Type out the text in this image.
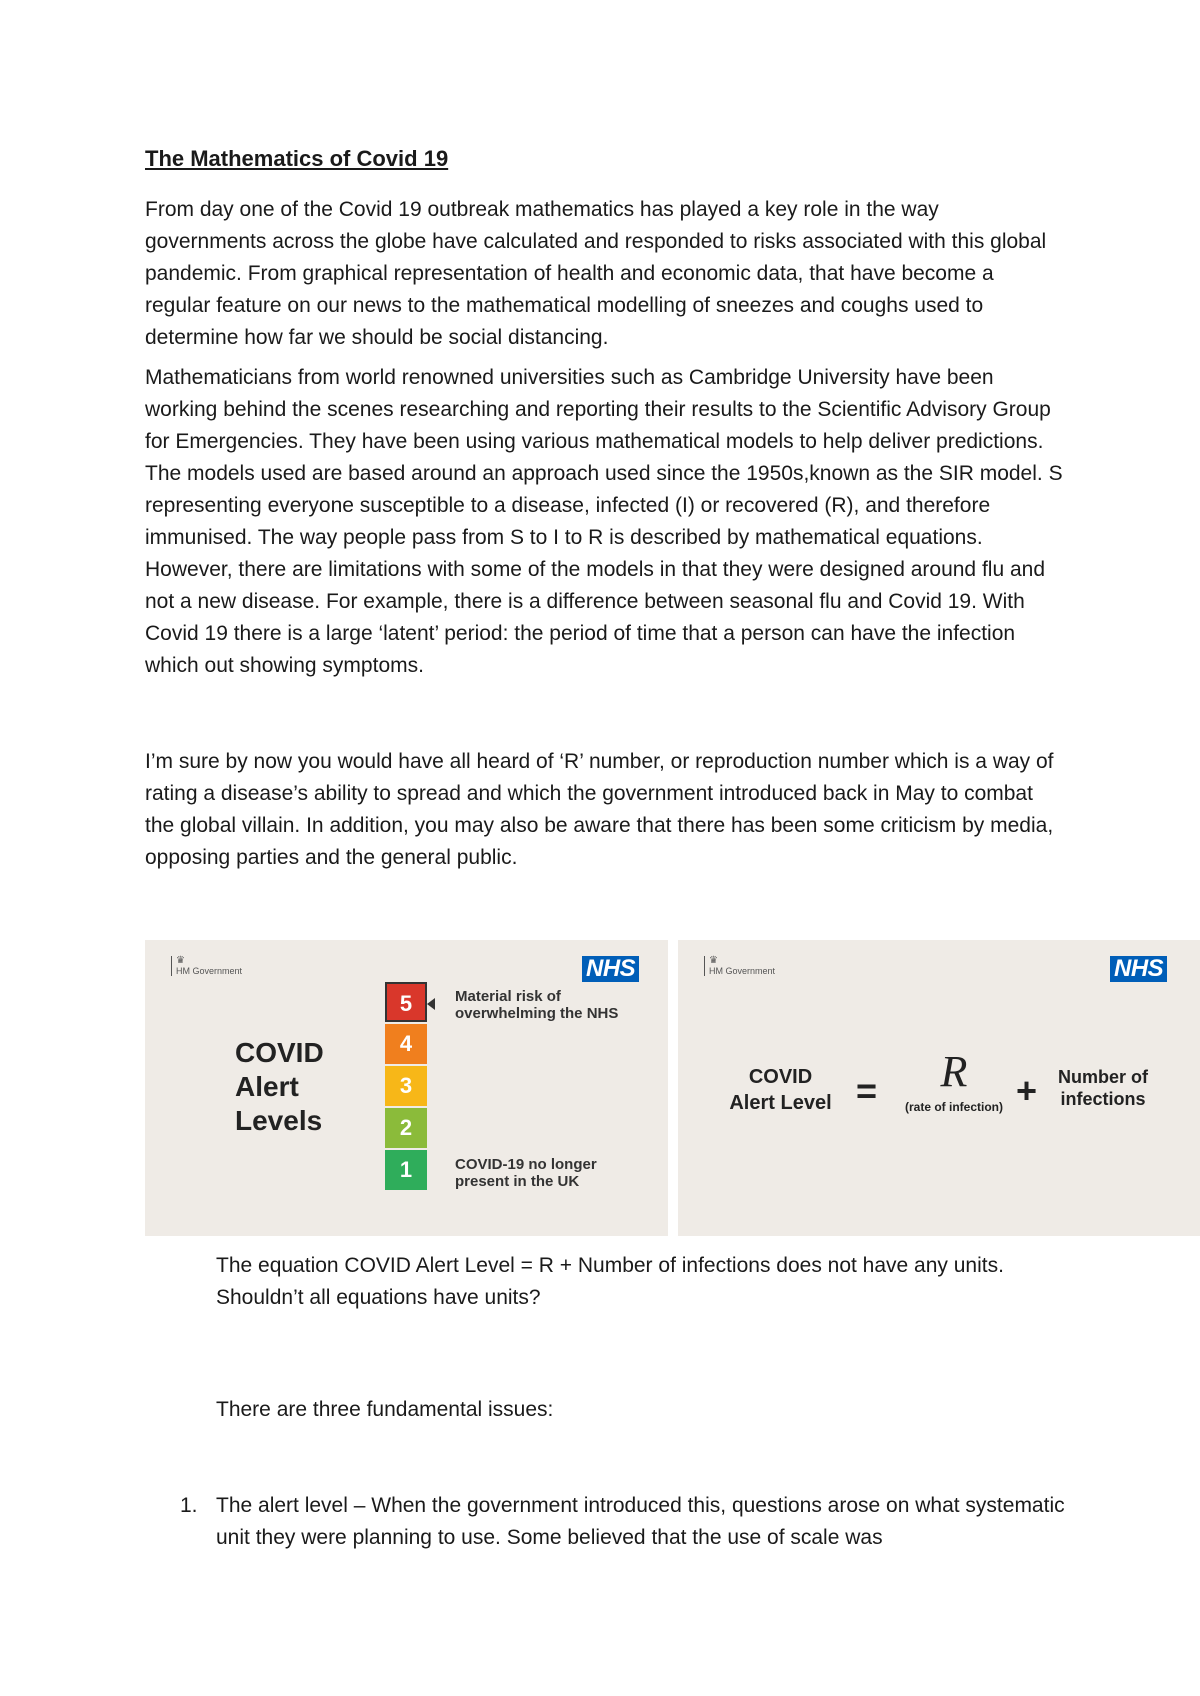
The Mathematics of Covid 19

From day one of the Covid 19 outbreak mathematics has played a key role in the way governments across the globe have calculated and responded to risks associated with this global pandemic. From graphical representation of health and economic data, that have become a regular feature on our news to the mathematical modelling of sneezes and coughs used to determine how far we should be social distancing.

Mathematicians from world renowned universities such as Cambridge University have been working behind the scenes researching and reporting their results to the Scientific Advisory Group for Emergencies. They have been using various mathematical models to help deliver predictions. The models used are based around an approach used since the 1950s,known as the SIR model. S representing everyone susceptible to a disease, infected (I) or recovered (R), and therefore immunised. The way people pass from S to I to R is described by mathematical equations. However, there are limitations with some of the models in that they were designed around flu and not a new disease. For example, there is a difference between seasonal flu and Covid 19. With Covid 19 there is a large ‘latent’ period: the period of time that a person can have the infection which out showing symptoms.

I’m sure by now you would have all heard of ‘R’ number, or reproduction number which is a way of rating a disease’s ability to spread and which the government introduced back in May to combat the global villain. In addition, you may also be aware that there has been some criticism by media, opposing parties and the general public.

♛
HM Government	NHS
COVID
Alert
Levels
5
4
3
2
1
Material risk of overwhelming the NHS
COVID-19 no longer present in the UK
♛
HM Government	NHS
COVID
Alert Level =	R
(rate of infection) +	Number of infections

The equation COVID Alert Level = R + Number of infections does not have any units. Shouldn’t all equations have units?

There are three fundamental issues:

1. The alert level – When the government introduced this, questions arose on what systematic unit they were planning to use. Some believed that the use of scale was
